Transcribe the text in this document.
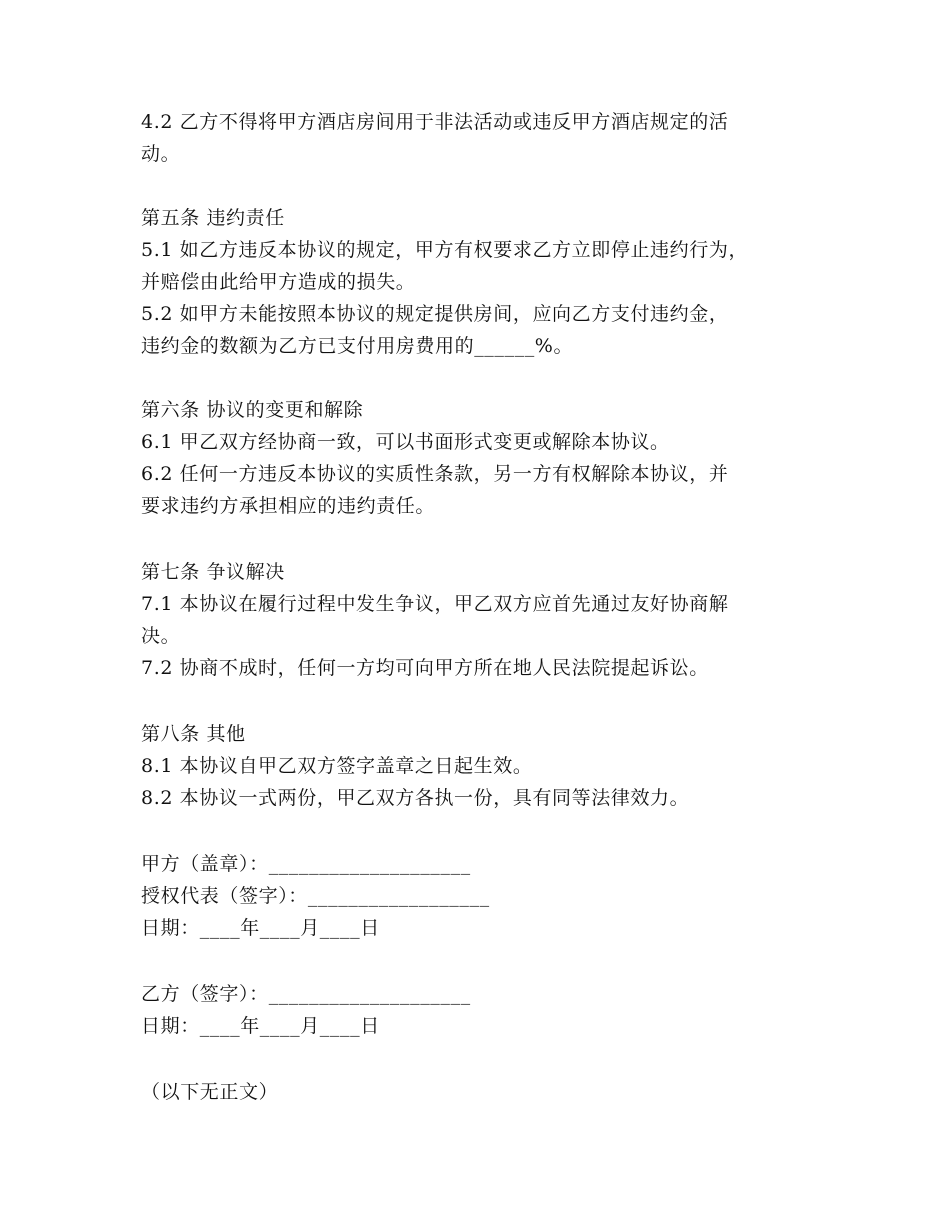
4.2 乙方不得将甲方酒店房间用于非法活动或违反甲方酒店规定的活
动。
第五条 违约责任
5.1 如乙方违反本协议的规定，甲方有权要求乙方立即停止违约行为，
并赔偿由此给甲方造成的损失。
5.2 如甲方未能按照本协议的规定提供房间，应向乙方支付违约金，
违约金的数额为乙方已支付用房费用的______%。
第六条 协议的变更和解除
6.1 甲乙双方经协商一致，可以书面形式变更或解除本协议。
6.2 任何一方违反本协议的实质性条款，另一方有权解除本协议，并
要求违约方承担相应的违约责任。
第七条 争议解决
7.1 本协议在履行过程中发生争议，甲乙双方应首先通过友好协商解
决。
7.2 协商不成时，任何一方均可向甲方所在地人民法院提起诉讼。
第八条 其他
8.1 本协议自甲乙双方签字盖章之日起生效。
8.2 本协议一式两份，甲乙双方各执一份，具有同等法律效力。
甲方（盖章）：____________________
授权代表（签字）：__________________
日期：____年____月____日
乙方（签字）：____________________
日期：____年____月____日
（以下无正文）
